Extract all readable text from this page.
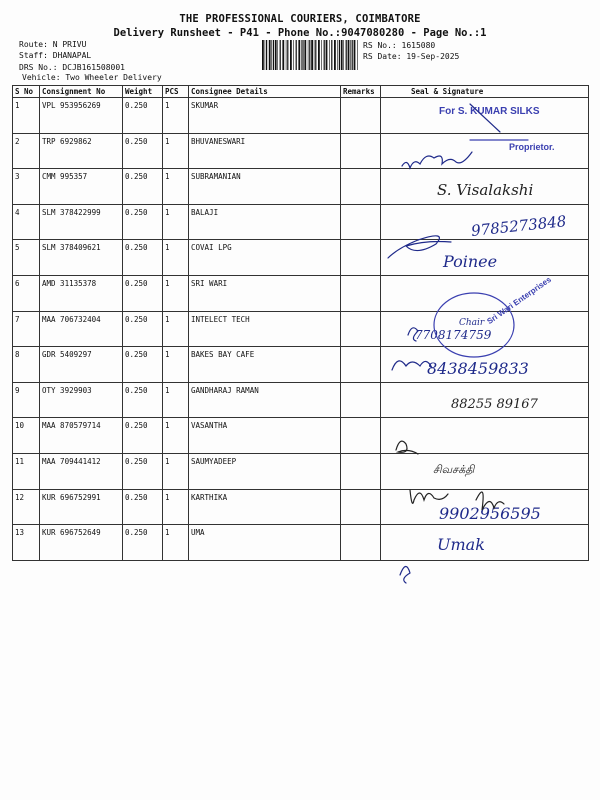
THE PROFESSIONAL COURIERS, COIMBATORE
Delivery Runsheet - P41 - Phone No.:9047080280 - Page No.:1
Route: N PRIVU
Staff: DHANAPAL
DRS No.: DCJB161508001
Vehicle: Two Wheeler Delivery
RS No.: 1615080
RS Date: 19-Sep-2025
S No	Consignment No	Weight	PCS	Consignee Details	Remarks	Seal & Signature
1	VPL 953956269	0.250	1	SKUMAR		For S. KUMAR SILKS
Proprietor.

2	TRP 6929862	0.250	1	BHUVANESWARI		
3	CMM 995357	0.250	1	SUBRAMANIAN		S. Visalakshi

4	SLM 378422999	0.250	1	BALAJI		9785273848

5	SLM 378409621	0.250	1	COVAI LPG		Poinee

6	AMD 31135378	0.250	1	SRI WARI		Sri Wari Enterprises

7	MAA 706732404	0.250	1	INTELECT TECH		Chair
7708174759

8	GDR 5409297	0.250	1	BAKES BAY CAFE		8438459833

9	OTY 3929903	0.250	1	GANDHARAJ RAMAN		88255 89167

10	MAA 870579714	0.250	1	VASANTHA		
11	MAA 709441412	0.250	1	SAUMYADEEP		சிவசக்தி

12	KUR 696752991	0.250	1	KARTHIKA		9902956595

13	KUR 696752649	0.250	1	UMA		Umak
